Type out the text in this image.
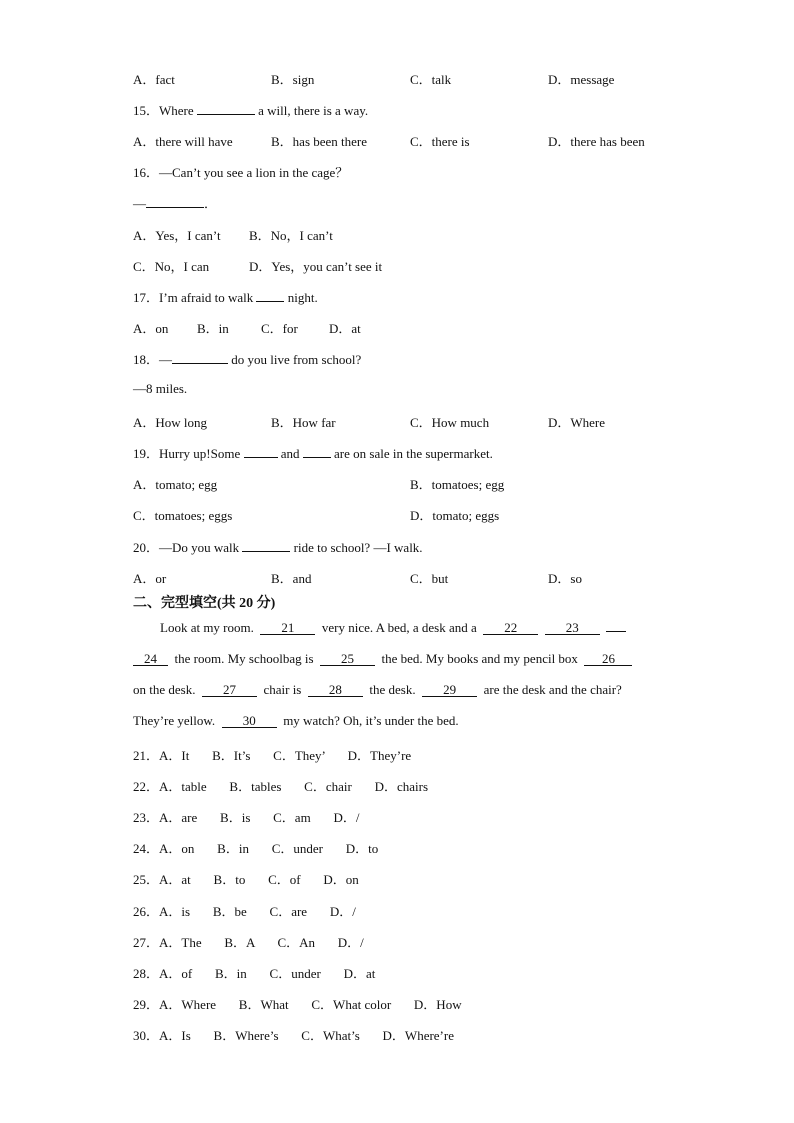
A．fact	B．sign	C．talk	D．message
15．Where	a will, there is a way.
A．there will have	B．has been there	C．there is	D．there has been
16．—Can’t you see a lion in the cage？
—	．
A．Yes，I can’t B．No，I can’t
C．No，I can	D．Yes，you can’t see it
17．I’m afraid to walk  night.
A．on B．in C．for D．at
18．—	do you live from school?
—8 miles.
A．How long	B．How far	C．How much	D．Where
19．Hurry up!Some	and  are on sale in the supermarket.
A．tomato; egg	B．tomatoes; egg
C．tomatoes; eggs	D．tomato; eggs
20．—Do you walk	ride to school? —I walk.
A．or	B．and	C．but	D．so
二、完型填空(共 20 分)
Look at my room. 21 very nice. A bed, a desk and a 22	23
24 the room. My schoolbag is 25 the bed. My books and my pencil box 26
on the desk. 27 chair is 28 the desk. 29 are the desk and the chair?
They’re yellow. 30 my watch? Oh, it’s under the bed.
21．A．It B．It’s C．They’ D．They’re
22．A．table B．tables C．chair D．chairs
23．A．are B．is C．am D．/
24．A．on B．in C．under D．to
25．A．at B．to C．of D．on
26．A．is B．be C．are D．/
27．A．The B．A C．An D．/
28．A．of B．in C．under D．at
29．A．Where B．What C．What color D．How
30．A．Is B．Where’s C．What’s D．Where’re
